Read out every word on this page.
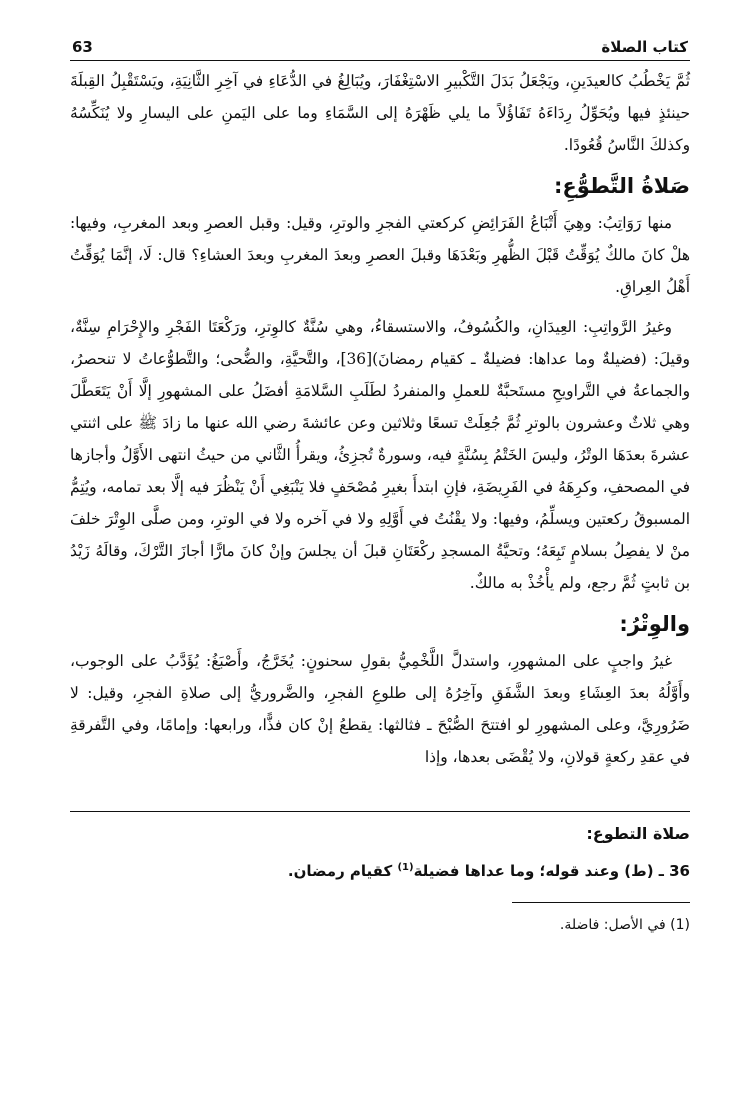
كتاب الصلاة
63

ثُمَّ يَخْطُبُ كالعيدَينِ، ويَجْعَلُ بَدَلَ التَّكْبيرِ الاسْتِغْفَارَ، ويُبَالِغُ في الدُّعَاءِ في آخِرِ الثَّانِيَةِ، ويَسْتَقْبِلُ القِبلَةَ حينئذٍ فيها ويُحَوِّلُ رِدَاءَهُ تَفَاؤُلاً ما يلي ظَهْرَهُ إلى السَّمَاءِ وما على اليَمنِ على اليسارِ ولا يُنَكِّسُهُ وكذلكَ النَّاسُ قُعُودًا.

صَلاةُ التَّطوُّعِ:

منها رَوَاتِبُ: وهِيَ أَتْبَاعُ الفَرَائِضِ كركعتي الفجرِ والوترِ، وقيل: وقبل العصرِ وبعد المغربِ، وفيها: هلْ كانَ مالكٌ يُوَقِّتُ قَبْلَ الظُّهرِ وبَعْدَهَا وقبلَ العصرِ وبعدَ المغربِ وبعدَ العشاءِ؟ قال: لَا، إنَّمَا يُوَقِّتُ أَهْلُ العِراقِ.

وغيرُ الرَّواتِبِ: العِيدَانِ، والكُسُوفُ، والاستسقاءُ، وهي سُنَّةٌ كالوِترِ، ورَكْعَتَا الفَجْرِ والإِحْرَامِ سِنَّةٌ، وقيلَ: (فضيلةٌ وما عداها: فضيلةٌ ـ كقيام رمضانَ)[36]، والتَّحيَّةِ، والضُّحى؛ والتَّطوُّعاتُ لا تنحصرُ، والجماعةُ في التَّراويحِ مستَحبَّةٌ للعملِ والمنفردُ لطَلَبِ السَّلامَةِ أفضَلُ على المشهورِ إلَّا أَنْ يَتَعَطَّلَ وهي ثلاثٌ وعشرون بالوترِ ثُمَّ جُعِلَتْ تسعًا وثلاثين وعن عائشةَ رضي الله عنها ما زادَ ﷺ على اثنتي عشرةَ بعدَهَا الوتْرُ، وليسَ الخَتْمُ بِسُنَّةٍ فيه، وسورةٌ تُجزِئُ، ويقرأُ الثَّاني من حيثُ انتهى الأَوَّلُ وأجازها في المصحفِ، وكرِهَهُ في الفَرِيضَةِ، فإنِ ابتدأَ بغيرِ مُصْحَفٍ فلا يَنْبَغِي أَنْ يَنْظُرَ فيه إلَّا بعد تمامه، ويُتِمُّ المسبوقُ ركعتين ويسلِّمُ، وفيها: ولا يقْنُتُ في أَوَّلِهِ ولا في آخره ولا في الوترِ، ومن صلَّى الوِتْرَ خلفَ منْ لا يفصِلُ بسلامٍ تَبِعَهُ؛ وتحيَّةُ المسجدِ ركْعَتَانِ قبلَ أن يجلسَ وإنْ كانَ مارًّا أجازَ التَّرْكَ، وقالَهُ زَيْدُ بن ثابتٍ ثُمَّ رجع، ولم يأْخُذْ به مالكٌ.

والوِتْرُ:

غيرُ واجبٍ على المشهورِ، واستدلَّ اللَّخْمِيُّ بقولِ سحنونٍ: يُخَرَّجُ، وأَصْبَغُ: يُؤَدَّبُ على الوجوب، وأَوَّلُهُ بعدَ العِشَاءِ وبعدَ الشَّفَقِ وآخِرُهُ إلى طلوعِ الفجرِ، والضَّروريُّ إلى صلاةِ الفجرِ، وقيل: لا ضَرُورِيَّ، وعلى المشهورِ لو افتتحَ الصُّبْحَ ـ فثالثها: يقطعُ إنْ كان فذًّا، ورابعها: وإمامًا، وفي التَّفرقةِ في عقدِ ركعةٍ قولانِ، ولا يُقْضَى بعدها، وإذا

صلاة التطوع:

36 ـ (ط) وعند قوله؛ وما عداها فضيلة$^{(1)}$ كقيام رمضان.

(1) في الأصل: فاضلة.
